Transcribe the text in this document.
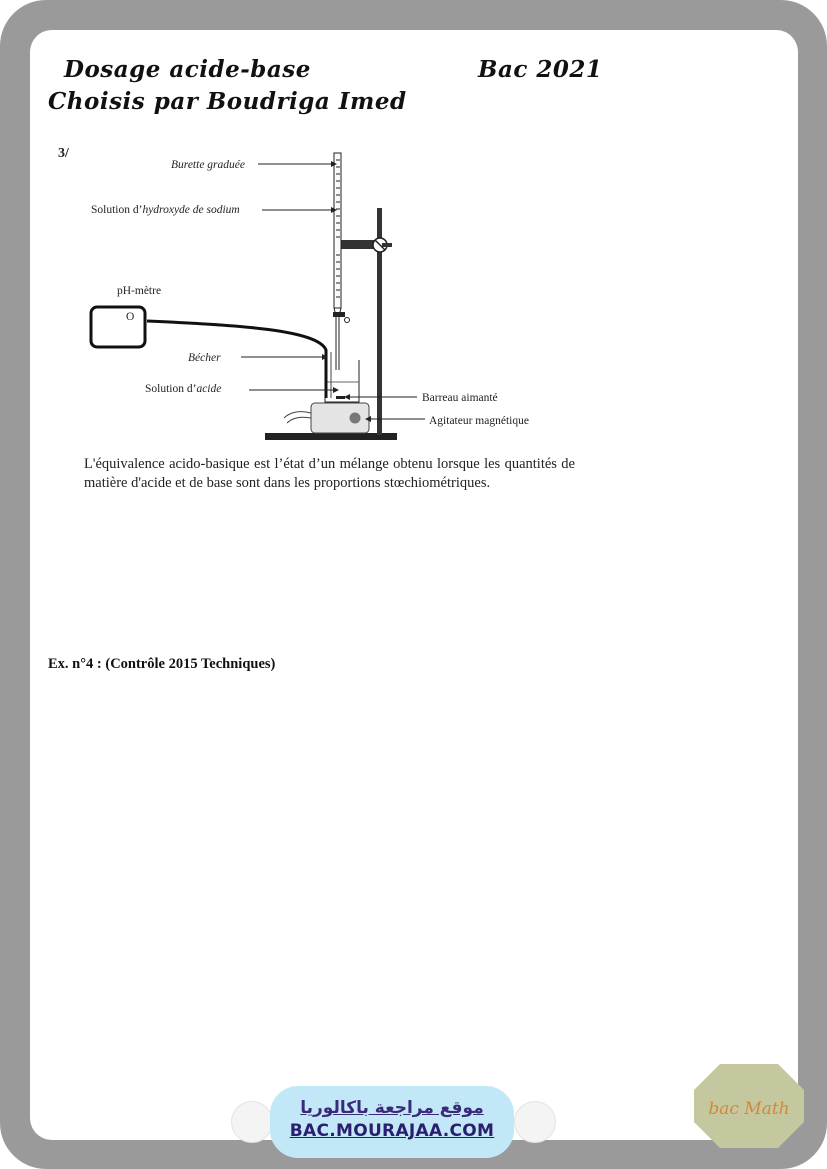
Dosage acide-base	Bac 2021
Choisis par Boudriga Imed
3/
Burette graduée
Solution d’hydroxyde de sodium
pH-mètre
O
Bécher
Solution d’acide
Barreau aimanté
Agitateur magnétique
L'équivalence acido-basique est l’état d’un mélange obtenu lorsque les quantités de matière d'acide et de base sont dans les proportions stœchiométriques.
Ex. n°4 : (Contrôle 2015 Techniques)
موقع مراجعة باكالوريا
BAC.MOURAJAA.COM
bac Math
